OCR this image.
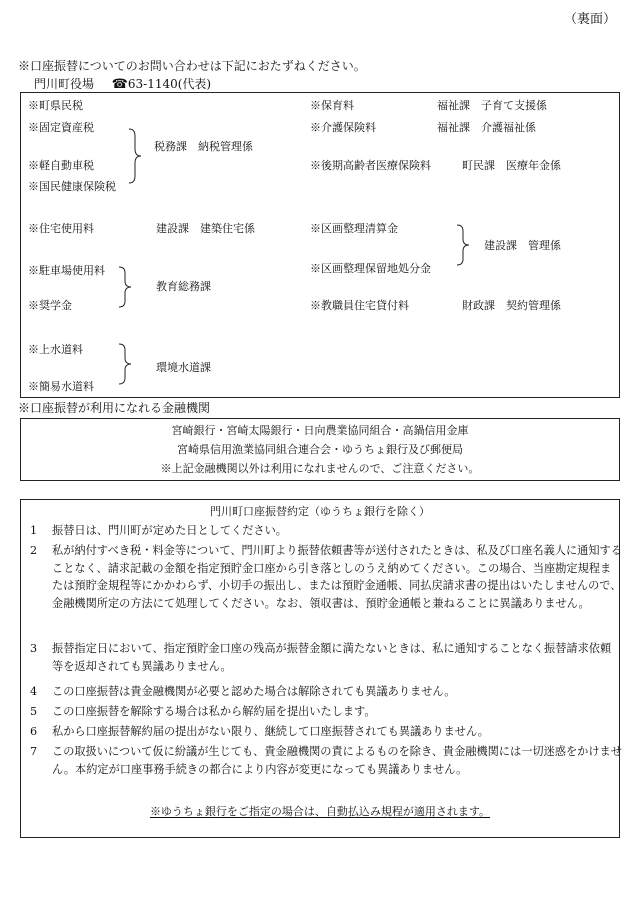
（裏面）
※口座振替についてのお問い合わせは下記におたずねください。
門川町役場 ☎63-1140(代表)
※町県民税
※固定資産税
※軽自動車税
※国民健康保険税
税務課　納税管理係
※住宅使用料	建設課　建築住宅係
※駐車場使用料
※奨学金
教育総務課
※上水道料
※簡易水道料
環境水道課
※保育料	福祉課　子育て支援係
※介護保険料	福祉課　介護福祉係
※後期高齢者医療保険料	町民課　医療年金係
※区画整理清算金
※区画整理保留地処分金
建設課　管理係
※教職員住宅貸付料	財政課　契約管理係
※口座振替が利用になれる金融機関
宮崎銀行・宮崎太陽銀行・日向農業協同組合・高鍋信用金庫
宮崎県信用漁業協同組合連合会・ゆうちょ銀行及び郵便局
※上記金融機関以外は利用になれませんので、ご注意ください。
門川町口座振替約定（ゆうちょ銀行を除く）
1 振替日は、門川町が定めた日としてください。
2 私が納付すべき税・料金等について、門川町より振替依頼書等が送付されたときは、私及び口座名義人に通知することなく、請求記載の金額を指定預貯金口座から引き落としのうえ納めてください。この場合、当座勘定規程または預貯金規程等にかかわらず、小切手の振出し、または預貯金通帳、同払戻請求書の提出はいたしませんので、金融機関所定の方法にて処理してください。なお、領収書は、預貯金通帳と兼ねることに異議ありません。
3 振替指定日において、指定預貯金口座の残高が振替金額に満たないときは、私に通知することなく振替請求依頼等を返却されても異議ありません。
4 この口座振替は貴金融機関が必要と認めた場合は解除されても異議ありません。
5 この口座振替を解除する場合は私から解約届を提出いたします。
6 私から口座振替解約届の提出がない限り、継続して口座振替されても異議ありません。
7 この取扱いについて仮に紛議が生じても、貴金融機関の責によるものを除き、貴金融機関には一切迷惑をかけません。本約定が口座事務手続きの都合により内容が変更になっても異議ありません。
※ゆうちょ銀行をご指定の場合は、自動払込み規程が適用されます。
